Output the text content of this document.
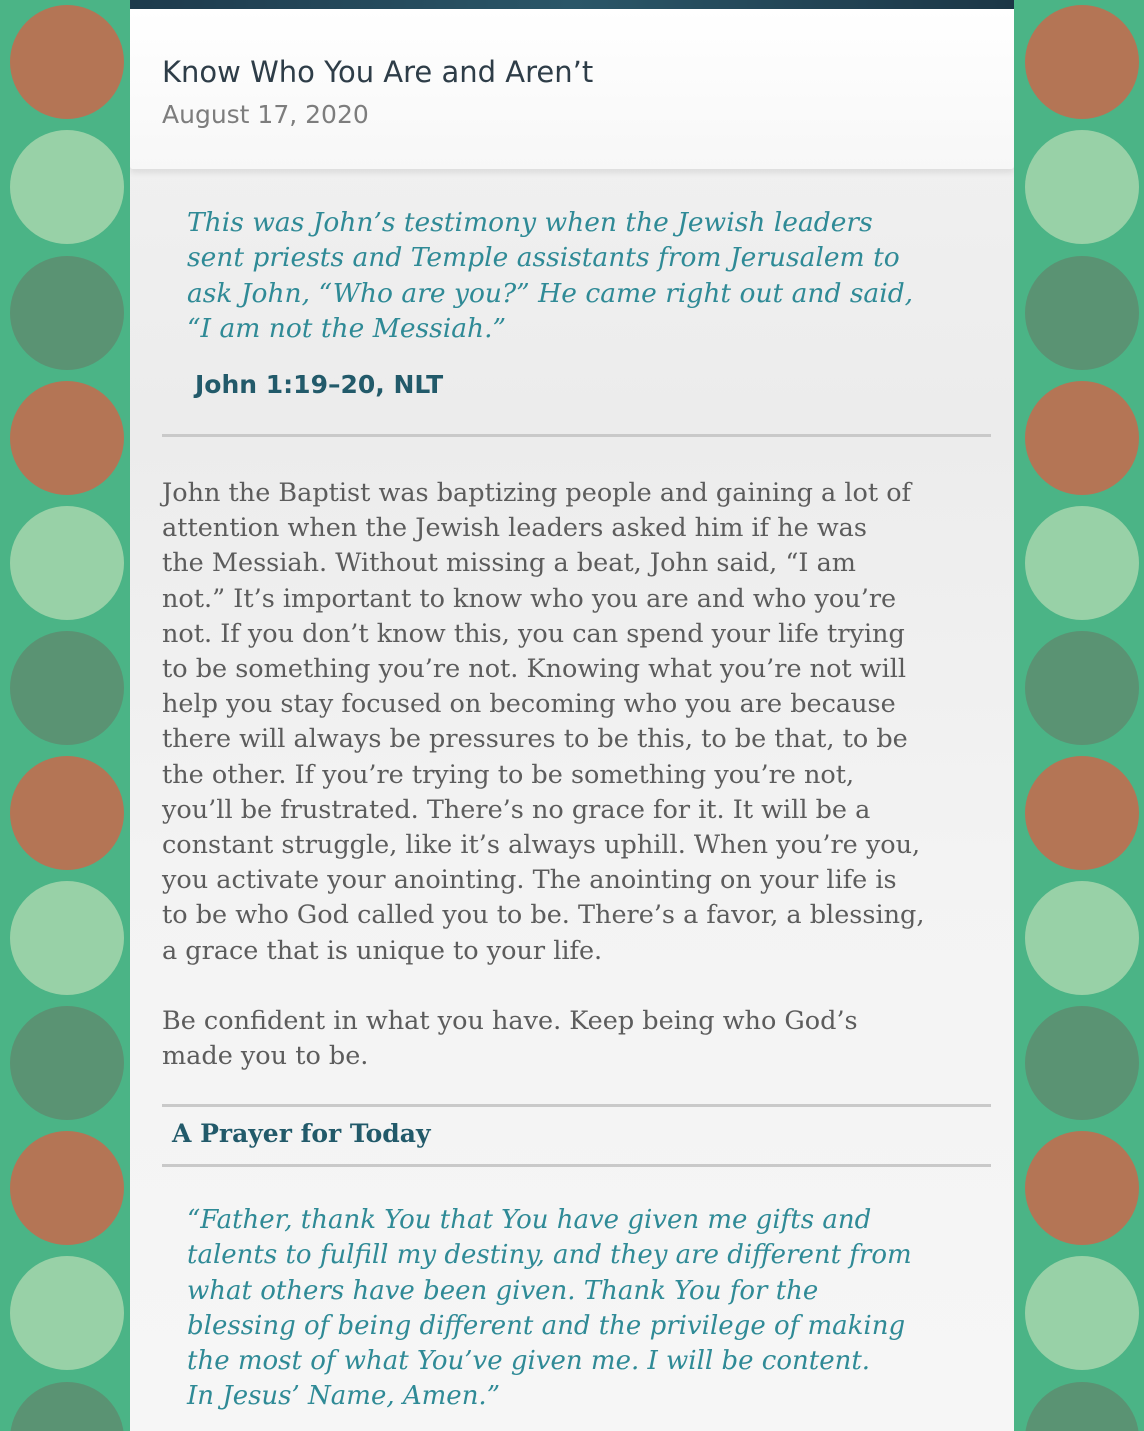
Know Who You Are and Aren’t
August 17, 2020

This was John’s testimony when the Jewish leaders
sent priests and Temple assistants from Jerusalem to
ask John, “Who are you?” He came right out and said,
“I am not the Messiah.”

John 1:19–20, NLT

John the Baptist was baptizing people and gaining a lot of
attention when the Jewish leaders asked him if he was
the Messiah. Without missing a beat, John said, “I am
not.” It’s important to know who you are and who you’re
not. If you don’t know this, you can spend your life trying
to be something you’re not. Knowing what you’re not will
help you stay focused on becoming who you are because
there will always be pressures to be this, to be that, to be
the other. If you’re trying to be something you’re not,
you’ll be frustrated. There’s no grace for it. It will be a
constant struggle, like it’s always uphill. When you’re you,
you activate your anointing. The anointing on your life is
to be who God called you to be. There’s a favor, a blessing,
a grace that is unique to your life.

Be confident in what you have. Keep being who God’s
made you to be.

A Prayer for Today

“Father, thank You that You have given me gifts and
talents to fulfill my destiny, and they are different from
what others have been given. Thank You for the
blessing of being different and the privilege of making
the most of what You’ve given me. I will be content.
In Jesus’ Name, Amen.”
